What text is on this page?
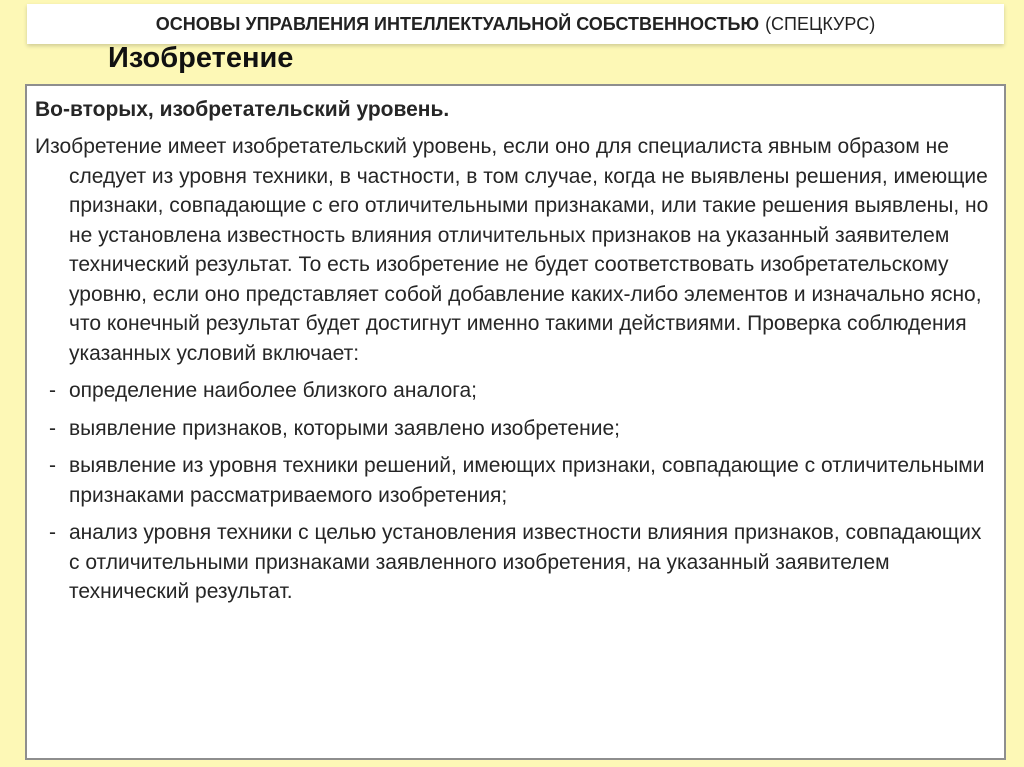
ОСНОВЫ УПРАВЛЕНИЯ ИНТЕЛЛЕКТУАЛЬНОЙ СОБСТВЕННОСТЬЮ (СПЕЦКУРС)
Изобретение

Во-вторых, изобретательский уровень.

Изобретение имеет изобретательский уровень, если оно для специалиста явным образом не следует из уровня техники, в частности, в том случае, когда не выявлены решения, имеющие признаки, совпадающие с его отличительными признаками, или такие решения выявлены, но не установлена известность влияния отличительных признаков на указанный заявителем технический результат. То есть изобретение не будет соответствовать изобретательскому уровню, если оно представляет собой добавление каких-либо элементов и изначально ясно, что конечный результат будет достигнут именно такими действиями. Проверка соблюдения указанных условий включает:

- определение наиболее близкого аналога;
- выявление признаков, которыми заявлено изобретение;
- выявление из уровня техники решений, имеющих признаки, совпадающие с отличительными признаками рассматриваемого изобретения;
- анализ уровня техники с целью установления известности влияния признаков, совпадающих с отличительными признаками заявленного изобретения, на указанный заявителем технический результат.
